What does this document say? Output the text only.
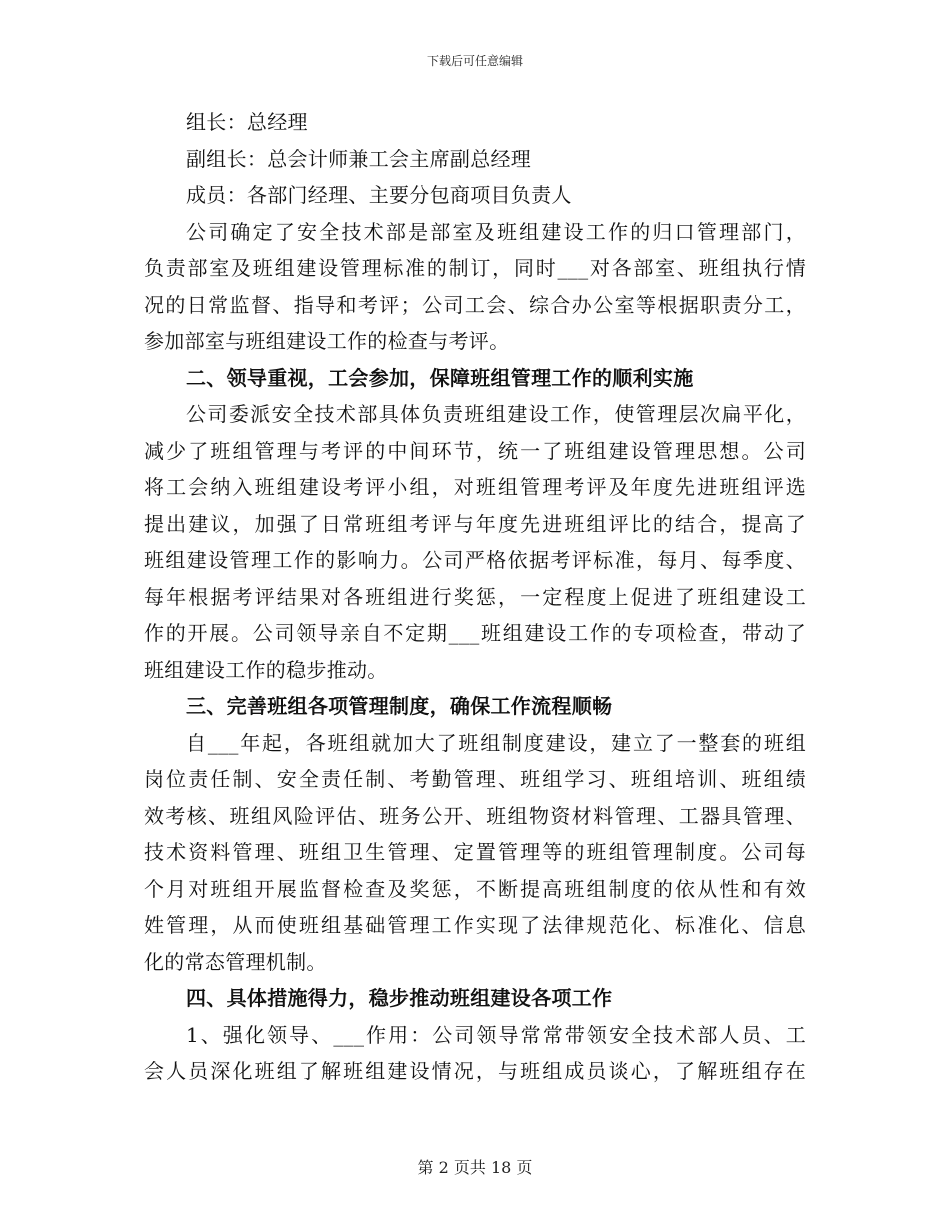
下载后可任意编辑
组长：总经理
副组长：总会计师兼工会主席副总经理
成员：各部门经理、主要分包商项目负责人
公司确定了安全技术部是部室及班组建设工作的归口管理部门，
负责部室及班组建设管理标准的制订，同时___对各部室、班组执行情
况的日常监督、指导和考评；公司工会、综合办公室等根据职责分工，
参加部室与班组建设工作的检查与考评。
二、领导重视，工会参加，保障班组管理工作的顺利实施
公司委派安全技术部具体负责班组建设工作，使管理层次扁平化，
减少了班组管理与考评的中间环节，统一了班组建设管理思想。公司
将工会纳入班组建设考评小组，对班组管理考评及年度先进班组评选
提出建议，加强了日常班组考评与年度先进班组评比的结合，提高了
班组建设管理工作的影响力。公司严格依据考评标准，每月、每季度、
每年根据考评结果对各班组进行奖惩，一定程度上促进了班组建设工
作的开展。公司领导亲自不定期___班组建设工作的专项检查，带动了
班组建设工作的稳步推动。
三、完善班组各项管理制度，确保工作流程顺畅
自___年起，各班组就加大了班组制度建设，建立了一整套的班组
岗位责任制、安全责任制、考勤管理、班组学习、班组培训、班组绩
效考核、班组风险评估、班务公开、班组物资材料管理、工器具管理、
技术资料管理、班组卫生管理、定置管理等的班组管理制度。公司每
个月对班组开展监督检查及奖惩，不断提高班组制度的依从性和有效
姓管理，从而使班组基础管理工作实现了法律规范化、标准化、信息
化的常态管理机制。
四、具体措施得力，稳步推动班组建设各项工作
1、强化领导、___作用：公司领导常常带领安全技术部人员、工
会人员深化班组了解班组建设情况，与班组成员谈心，了解班组存在
第 2 页共 18 页
